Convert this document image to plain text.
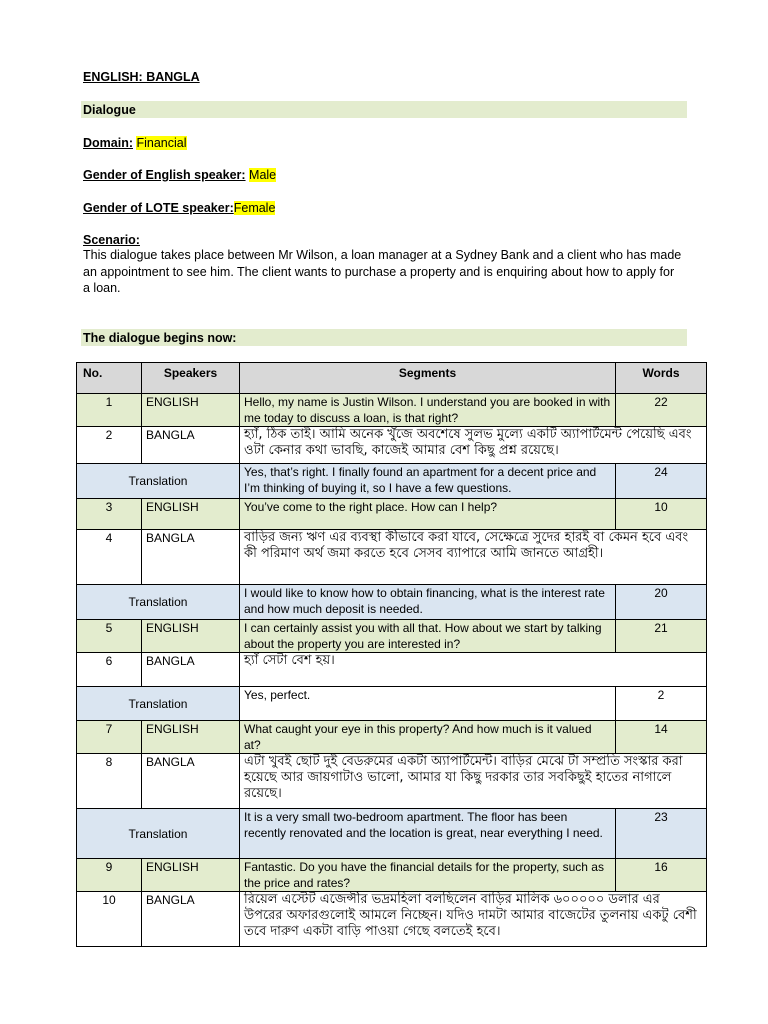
ENGLISH: BANGLA
Dialogue
Domain: Financial
Gender of English speaker: Male
Gender of LOTE speaker:Female
Scenario:
This dialogue takes place between Mr Wilson, a loan manager at a Sydney Bank and a client who has made an appointment to see him. The client wants to purchase a property and is enquiring about how to apply for a loan.
The dialogue begins now:
No.	Speakers	Segments	Words
1	ENGLISH	Hello, my name is Justin Wilson. I understand you are booked in with me today to discuss a loan, is that right?	22
2	BANGLA	হ্যাঁ, ঠিক তাই। আমি অনেক খুঁজে অবশেষে সুলভ মুল্যে একটি অ্যাপার্টমেন্ট পেয়েছি এবং ওটা কেনার কথা ভাবছি, কাজেই আমার বেশ কিছু প্রশ্ন রয়েছে।	
Translation		Yes, that’s right. I finally found an apartment for a decent price and I’m thinking of buying it, so I have a few questions.	24
3	ENGLISH	You’ve come to the right place. How can I help?	10
4	BANGLA	বাড়ির জন্য ঋণ এর ব্যবস্থা কীভাবে করা যাবে, সেক্ষেত্রে সুদের হারই বা কেমন হবে এবং কী পরিমাণ অর্থ জমা করতে হবে সেসব ব্যাপারে আমি জানতে আগ্রহী।	
Translation		I would like to know how to obtain financing, what is the interest rate and how much deposit is needed.	20
5	ENGLISH	I can certainly assist you with all that. How about we start by talking about the property you are interested in?	21
6	BANGLA	হ্যাঁ সেটা বেশ হয়।	
Translation		Yes, perfect.	2
7	ENGLISH	What caught your eye in this property? And how much is it valued at?	14
8	BANGLA	এটা খুবই ছোট দুই বেডরুমের একটা অ্যাপার্টমেন্ট। বাড়ির মেঝে টা সম্প্রতি সংস্কার করা হয়েছে আর জায়গাটাও ভালো, আমার যা কিছু দরকার তার সবকিছুই হাতের নাগালে রয়েছে।	
Translation		It is a very small two-bedroom apartment. The floor has been recently renovated and the location is great, near everything I need.	23
9	ENGLISH	Fantastic. Do you have the financial details for the property, such as the price and rates?	16
10	BANGLA	রিয়েল এস্টেট এজেন্সীর ভদ্রমহিলা বলছিলেন বাড়ির মালিক ৬০০০০০ ডলার এর উপরের অফারগুলোই আমলে নিচ্ছেন। যদিও দামটা আমার বাজেটের তুলনায় একটু বেশী তবে দারুণ একটা বাড়ি পাওয়া গেছে বলতেই হবে।	
